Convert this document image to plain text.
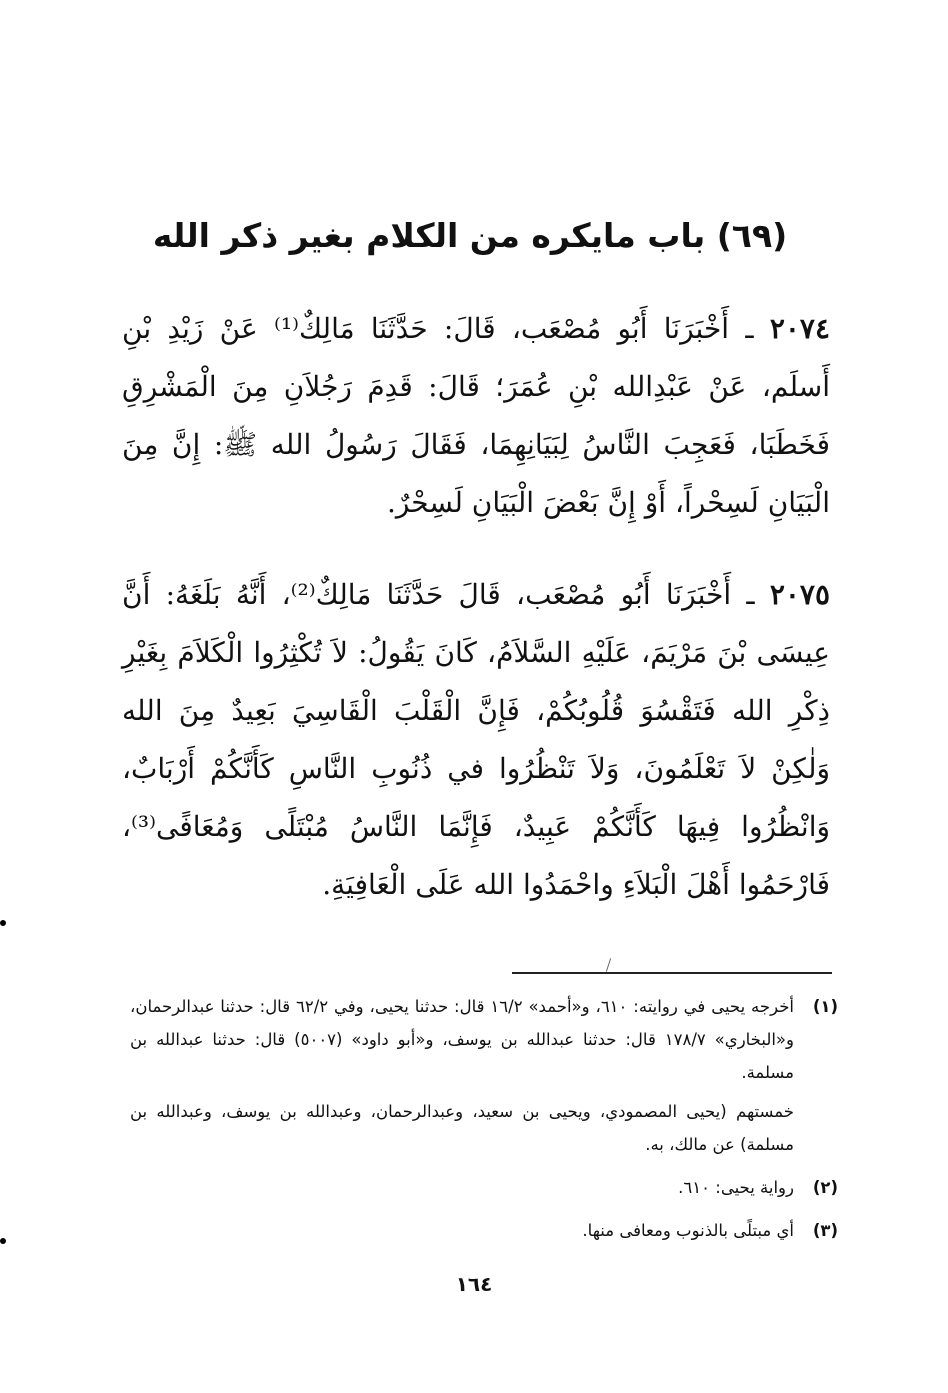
(٦٩) باب مايكره من الكلام بغير ذكر الله
٢٠٧٤ ـ أَخْبَرَنَا أَبُو مُصْعَب، قَالَ: حَدَّثَنَا مَالِكٌ⁽¹⁾ عَنْ زَيْدِ بْنِ أَسلَم، عَنْ عَبْدِالله بْنِ عُمَرَ؛ قَالَ: قَدِمَ رَجُلاَنِ مِنَ الْمَشْرِقِ فَخَطَبَا، فَعَجِبَ النَّاسُ لِبَيَانِهِمَا، فَقَالَ رَسُولُ الله ﷺ: إِنَّ مِنَ الْبَيَانِ لَسِحْراً، أَوْ إِنَّ بَعْضَ الْبَيَانِ لَسِحْرٌ.
٢٠٧٥ ـ أَخْبَرَنَا أَبُو مُصْعَب، قَالَ حَدَّثَنَا مَالِكٌ⁽²⁾، أَنَّهُ بَلَغَهُ: أَنَّ عِيسَى بْنَ مَرْيَمَ، عَلَيْهِ السَّلاَمُ، كَانَ يَقُولُ: لاَ تُكْثِرُوا الْكَلاَمَ بِغَيْرِ ذِكْرِ الله فَتَقْسُوَ قُلُوبُكُمْ، فَإِنَّ الْقَلْبَ الْقَاسِيَ بَعِيدٌ مِنَ الله وَلٰكِنْ لاَ تَعْلَمُونَ، وَلاَ تَنْظُرُوا في ذُنُوبِ النَّاسِ كَأَنَّكُمْ أَرْبَابٌ، وَانْظُرُوا فِيهَا كَأَنَّكُمْ عَبِيدٌ، فَإِنَّمَا النَّاسُ مُبْتَلًى وَمُعَافًى⁽³⁾، فَارْحَمُوا أَهْلَ الْبَلاَءِ واحْمَدُوا الله عَلَى الْعَافِيَةِ.
(١)

أخرجه يحيى في روايته: ٦١٠، و«أحمد» ١٦/٢ قال: حدثنا يحيى، وفي ٦٢/٢ قال: حدثنا عبدالرحمان، و«البخاري» ١٧٨/٧ قال: حدثنا عبدالله بن يوسف، و«أبو داود» (٥٠٠٧) قال: حدثنا عبدالله بن مسلمة.

خمستهم (يحيى المصمودي، ويحيى بن سعيد، وعبدالرحمان، وعبدالله بن يوسف، وعبدالله بن مسلمة) عن مالك، به.

(٢)

رواية يحيى: ٦١٠.

(٣)

أي مبتلًى بالذنوب ومعافى منها.

١٦٤
